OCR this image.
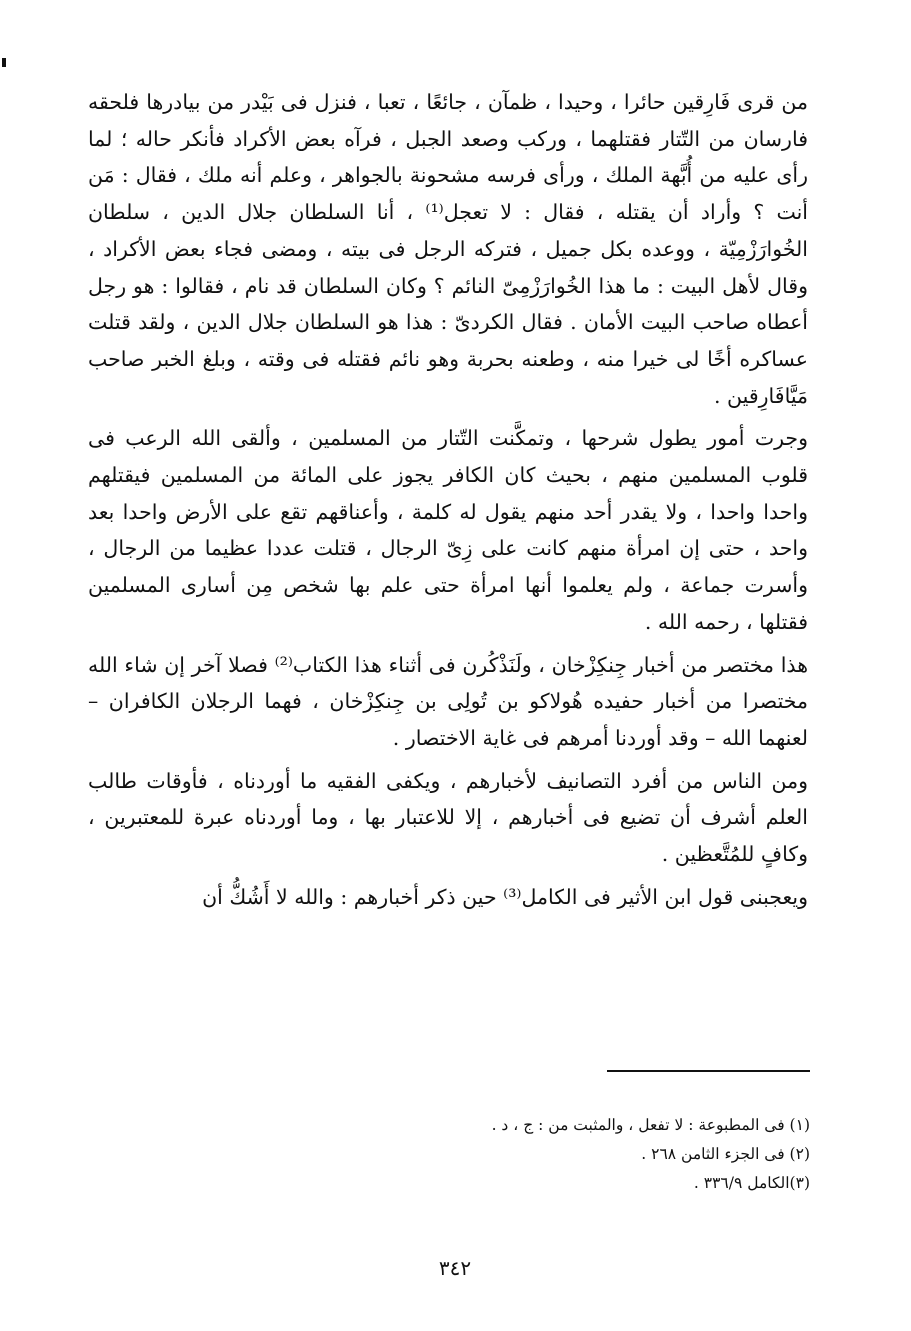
من قرى فَارِقين حائرا ، وحيدا ، ظمآن ، جائعًا ، تعبا ، فنزل فى بَيْدر من بيادرها فلحقه فارسان من التّتار فقتلهما ، وركب وصعد الجبل ، فرآه بعض الأكراد فأنكر حاله ؛ لما رأى عليه من أُبَّهة الملك ، ورأى فرسه مشحونة بالجواهر ، وعلم أنه ملك ، فقال : مَن أنت ؟ وأراد أن يقتله ، فقال : لا تعجل⁽¹⁾ ، أنا السلطان جلال الدين ، سلطان الخُوارَزْمِيّة ، ووعده بكل جميل ، فتركه الرجل فى بيته ، ومضى فجاء بعض الأكراد ، وقال لأهل البيت : ما هذا الخُوارَزْمِىّ النائم ؟ وكان السلطان قد نام ، فقالوا : هو رجل أعطاه صاحب البيت الأمان . فقال الكردىّ : هذا هو السلطان جلال الدين ، ولقد قتلت عساكره أخًا لى خيرا منه ، وطعنه بحربة وهو نائم فقتله فى وقته ، وبلغ الخبر صاحب مَيَّافَارِقين .

وجرت أمور يطول شرحها ، وتمكَّنت التّتار من المسلمين ، وألقى الله الرعب فى قلوب المسلمين منهم ، بحيث كان الكافر يجوز على المائة من المسلمين فيقتلهم واحدا واحدا ، ولا يقدر أحد منهم يقول له كلمة ، وأعناقهم تقع على الأرض واحدا بعد واحد ، حتى إن امرأة منهم كانت على زِىّ الرجال ، قتلت عددا عظيما من الرجال ، وأسرت جماعة ، ولم يعلموا أنها امرأة حتى علم بها شخص مِن أسارى المسلمين فقتلها ، رحمه الله .

هذا مختصر من أخبار جِنكِزْخان ، ولَنَذْكُرن فى أثناء هذا الكتاب⁽²⁾ فصلا آخر إن شاء الله مختصرا من أخبار حفيده هُولاكو بن تُولِى بن جِنكِزْخان ، فهما الرجلان الكافران – لعنهما الله – وقد أوردنا أمرهم فى غاية الاختصار .

ومن الناس من أفرد التصانيف لأخبارهم ، ويكفى الفقيه ما أوردناه ، فأوقات طالب العلم أشرف أن تضيع فى أخبارهم ، إلا للاعتبار بها ، وما أوردناه عبرة للمعتبرين ، وكافٍ للمُتَّعظين .

ويعجبنى قول ابن الأثير فى الكامل⁽³⁾ حين ذكر أخبارهم : والله لا أَشُكُّ أن

(١) فى المطبوعة : لا تفعل ، والمثبت من : ج ، د .

(٢) فى الجزء الثامن ٢٦٨ .

(٣)الكامل ٣٣٦/٩ .

٣٤٢
